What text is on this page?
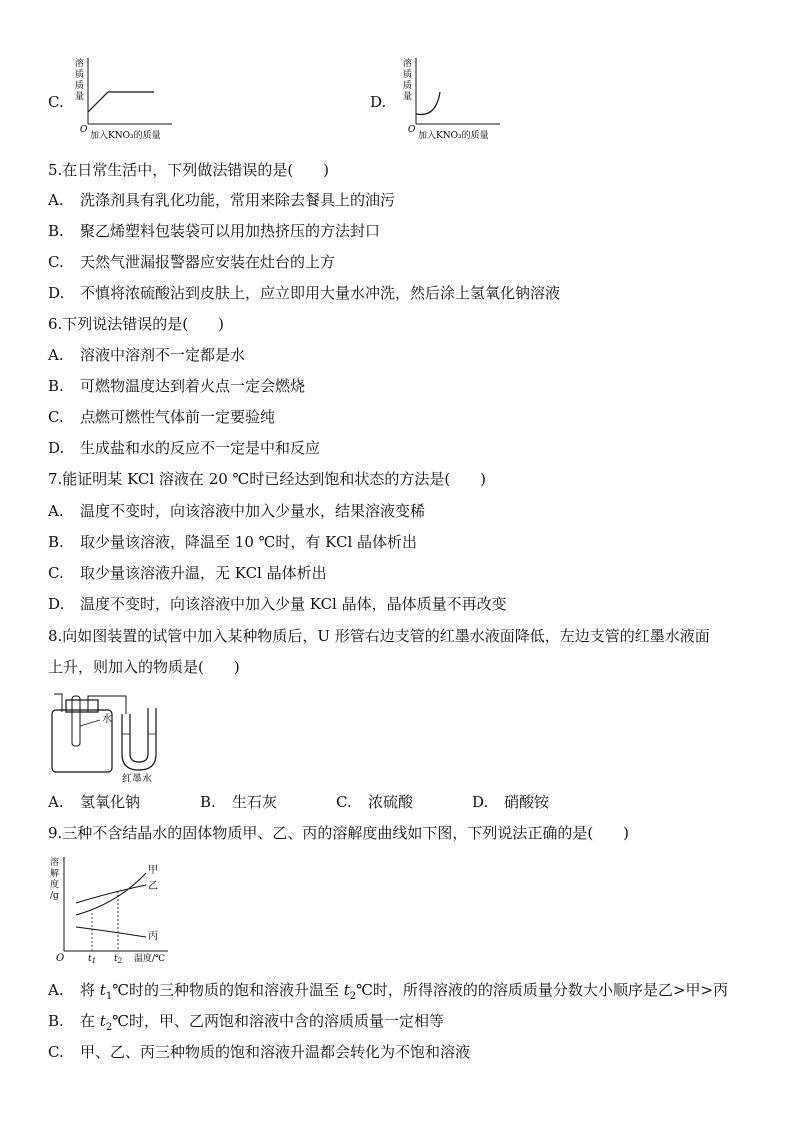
C.
溶
质
质
量
O
加入KNO₃的质量
D.
溶
质
质
量
O
加入KNO₃的质量
5.在日常生活中，下列做法错误的是(　　)
A. 洗涤剂具有乳化功能，常用来除去餐具上的油污
B. 聚乙烯塑料包装袋可以用加热挤压的方法封口
C. 天然气泄漏报警器应安装在灶台的上方
D. 不慎将浓硫酸沾到皮肤上，应立即用大量水冲洗，然后涂上氢氧化钠溶液
6.下列说法错误的是(　　)
A. 溶液中溶剂不一定都是水
B. 可燃物温度达到着火点一定会燃烧
C. 点燃可燃性气体前一定要验纯
D. 生成盐和水的反应不一定是中和反应
7.能证明某 KCl 溶液在 20 ℃时已经达到饱和状态的方法是(　　)
A. 温度不变时，向该溶液中加入少量水，结果溶液变稀
B. 取少量该溶液，降温至 10 ℃时，有 KCl 晶体析出
C. 取少量该溶液升温，无 KCl 晶体析出
D. 温度不变时，向该溶液中加入少量 KCl 晶体，晶体质量不再改变
8.向如图装置的试管中加入某种物质后，U 形管右边支管的红墨水液面降低，左边支管的红墨水液面
上升，则加入的物质是(　　)
水
红墨水
A. 氢氧化钠	B. 生石灰	C. 浓硫酸	D. 硝酸铵
9.三种不含结晶水的固体物质甲、乙、丙的溶解度曲线如下图，下列说法正确的是(　　)
溶
解
度
/g
甲
乙
丙
O	$t_1$ $t_2$ 温度/℃
A. 将 $t_1℃$时的三种物质的饱和溶液升温至 $t_2℃$时，所得溶液的的溶质质量分数大小顺序是乙>甲>丙
B. 在 $t_2℃$时，甲、乙两饱和溶液中含的溶质质量一定相等
C. 甲、乙、丙三种物质的饱和溶液升温都会转化为不饱和溶液
